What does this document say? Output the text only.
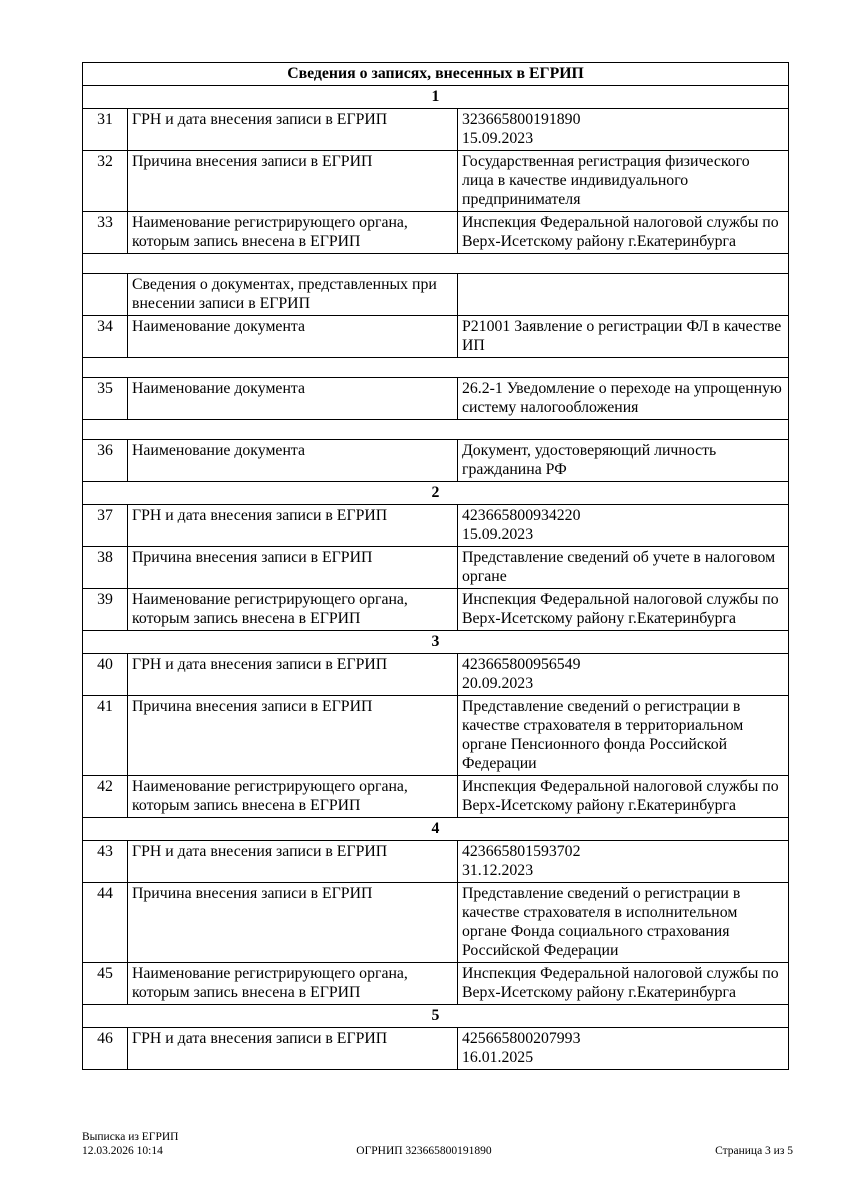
Сведения о записях, внесенных в ЕГРИП		
1		
31	ГРН и дата внесения записи в ЕГРИП	323665800191890
15.09.2023

32	Причина внесения записи в ЕГРИП	Государственная регистрация физического лица в качестве индивидуального предпринимателя

33	Наименование регистрирующего органа, которым запись внесена в ЕГРИП	Инспекция Федеральной налоговой службы по Верх-Исетскому району г.Екатеринбурга

	Сведения о документах, представленных при внесении записи в ЕГРИП	
34	Наименование документа	Р21001 Заявление о регистрации ФЛ в качестве ИП

35	Наименование документа	26.2-1 Уведомление о переходе на упрощенную систему налогообложения

36	Наименование документа	Документ, удостоверяющий личность гражданина РФ

2		
37	ГРН и дата внесения записи в ЕГРИП	423665800934220
15.09.2023

38	Причина внесения записи в ЕГРИП	Представление сведений об учете в налоговом органе

39	Наименование регистрирующего органа, которым запись внесена в ЕГРИП	Инспекция Федеральной налоговой службы по Верх-Исетскому району г.Екатеринбурга

3		
40	ГРН и дата внесения записи в ЕГРИП	423665800956549
20.09.2023

41	Причина внесения записи в ЕГРИП	Представление сведений о регистрации в качестве страхователя в территориальном органе Пенсионного фонда Российской Федерации

42	Наименование регистрирующего органа, которым запись внесена в ЕГРИП	Инспекция Федеральной налоговой службы по Верх-Исетскому району г.Екатеринбурга

4		
43	ГРН и дата внесения записи в ЕГРИП	423665801593702
31.12.2023

44	Причина внесения записи в ЕГРИП	Представление сведений о регистрации в качестве страхователя в исполнительном органе Фонда социального страхования Российской Федерации

45	Наименование регистрирующего органа, которым запись внесена в ЕГРИП	Инспекция Федеральной налоговой службы по Верх-Исетскому району г.Екатеринбурга

5		
46	ГРН и дата внесения записи в ЕГРИП	425665800207993
16.01.2025
Выписка из ЕГРИП
12.03.2026 10:14	ОГРНИП 323665800191890	Страница 3 из 5
